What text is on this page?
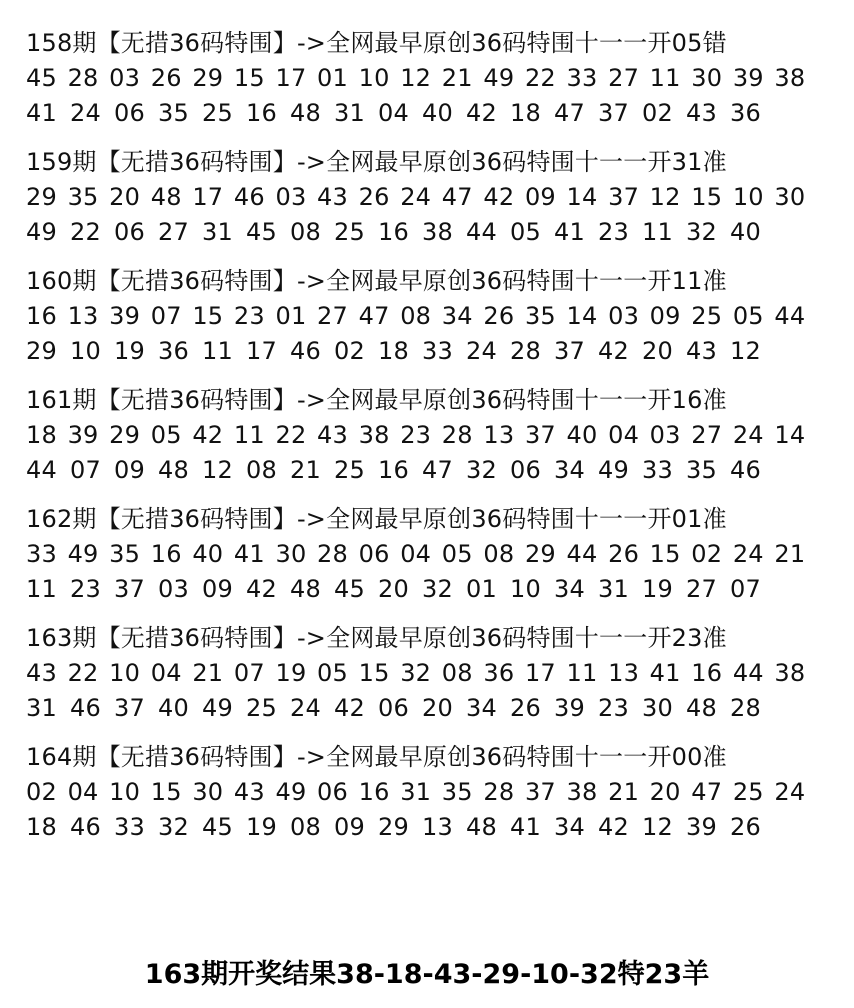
158期【无措36码特围】->全网最早原创36码特围十一一开05错
45 28 03 26 29 15 17 01 10 12 21 49 22 33 27 11 30 39 38
41 24 06 35 25 16 48 31 04 40 42 18 47 37 02 43 36
159期【无措36码特围】->全网最早原创36码特围十一一开31准
29 35 20 48 17 46 03 43 26 24 47 42 09 14 37 12 15 10 30
49 22 06 27 31 45 08 25 16 38 44 05 41 23 11 32 40
160期【无措36码特围】->全网最早原创36码特围十一一开11准
16 13 39 07 15 23 01 27 47 08 34 26 35 14 03 09 25 05 44
29 10 19 36 11 17 46 02 18 33 24 28 37 42 20 43 12
161期【无措36码特围】->全网最早原创36码特围十一一开16准
18 39 29 05 42 11 22 43 38 23 28 13 37 40 04 03 27 24 14
44 07 09 48 12 08 21 25 16 47 32 06 34 49 33 35 46
162期【无措36码特围】->全网最早原创36码特围十一一开01准
33 49 35 16 40 41 30 28 06 04 05 08 29 44 26 15 02 24 21
11 23 37 03 09 42 48 45 20 32 01 10 34 31 19 27 07
163期【无措36码特围】->全网最早原创36码特围十一一开23准
43 22 10 04 21 07 19 05 15 32 08 36 17 11 13 41 16 44 38
31 46 37 40 49 25 24 42 06 20 34 26 39 23 30 48 28
164期【无措36码特围】->全网最早原创36码特围十一一开00准
02 04 10 15 30 43 49 06 16 31 35 28 37 38 21 20 47 25 24
18 46 33 32 45 19 08 09 29 13 48 41 34 42 12 39 26
163期开奖结果38-18-43-29-10-32特23羊
